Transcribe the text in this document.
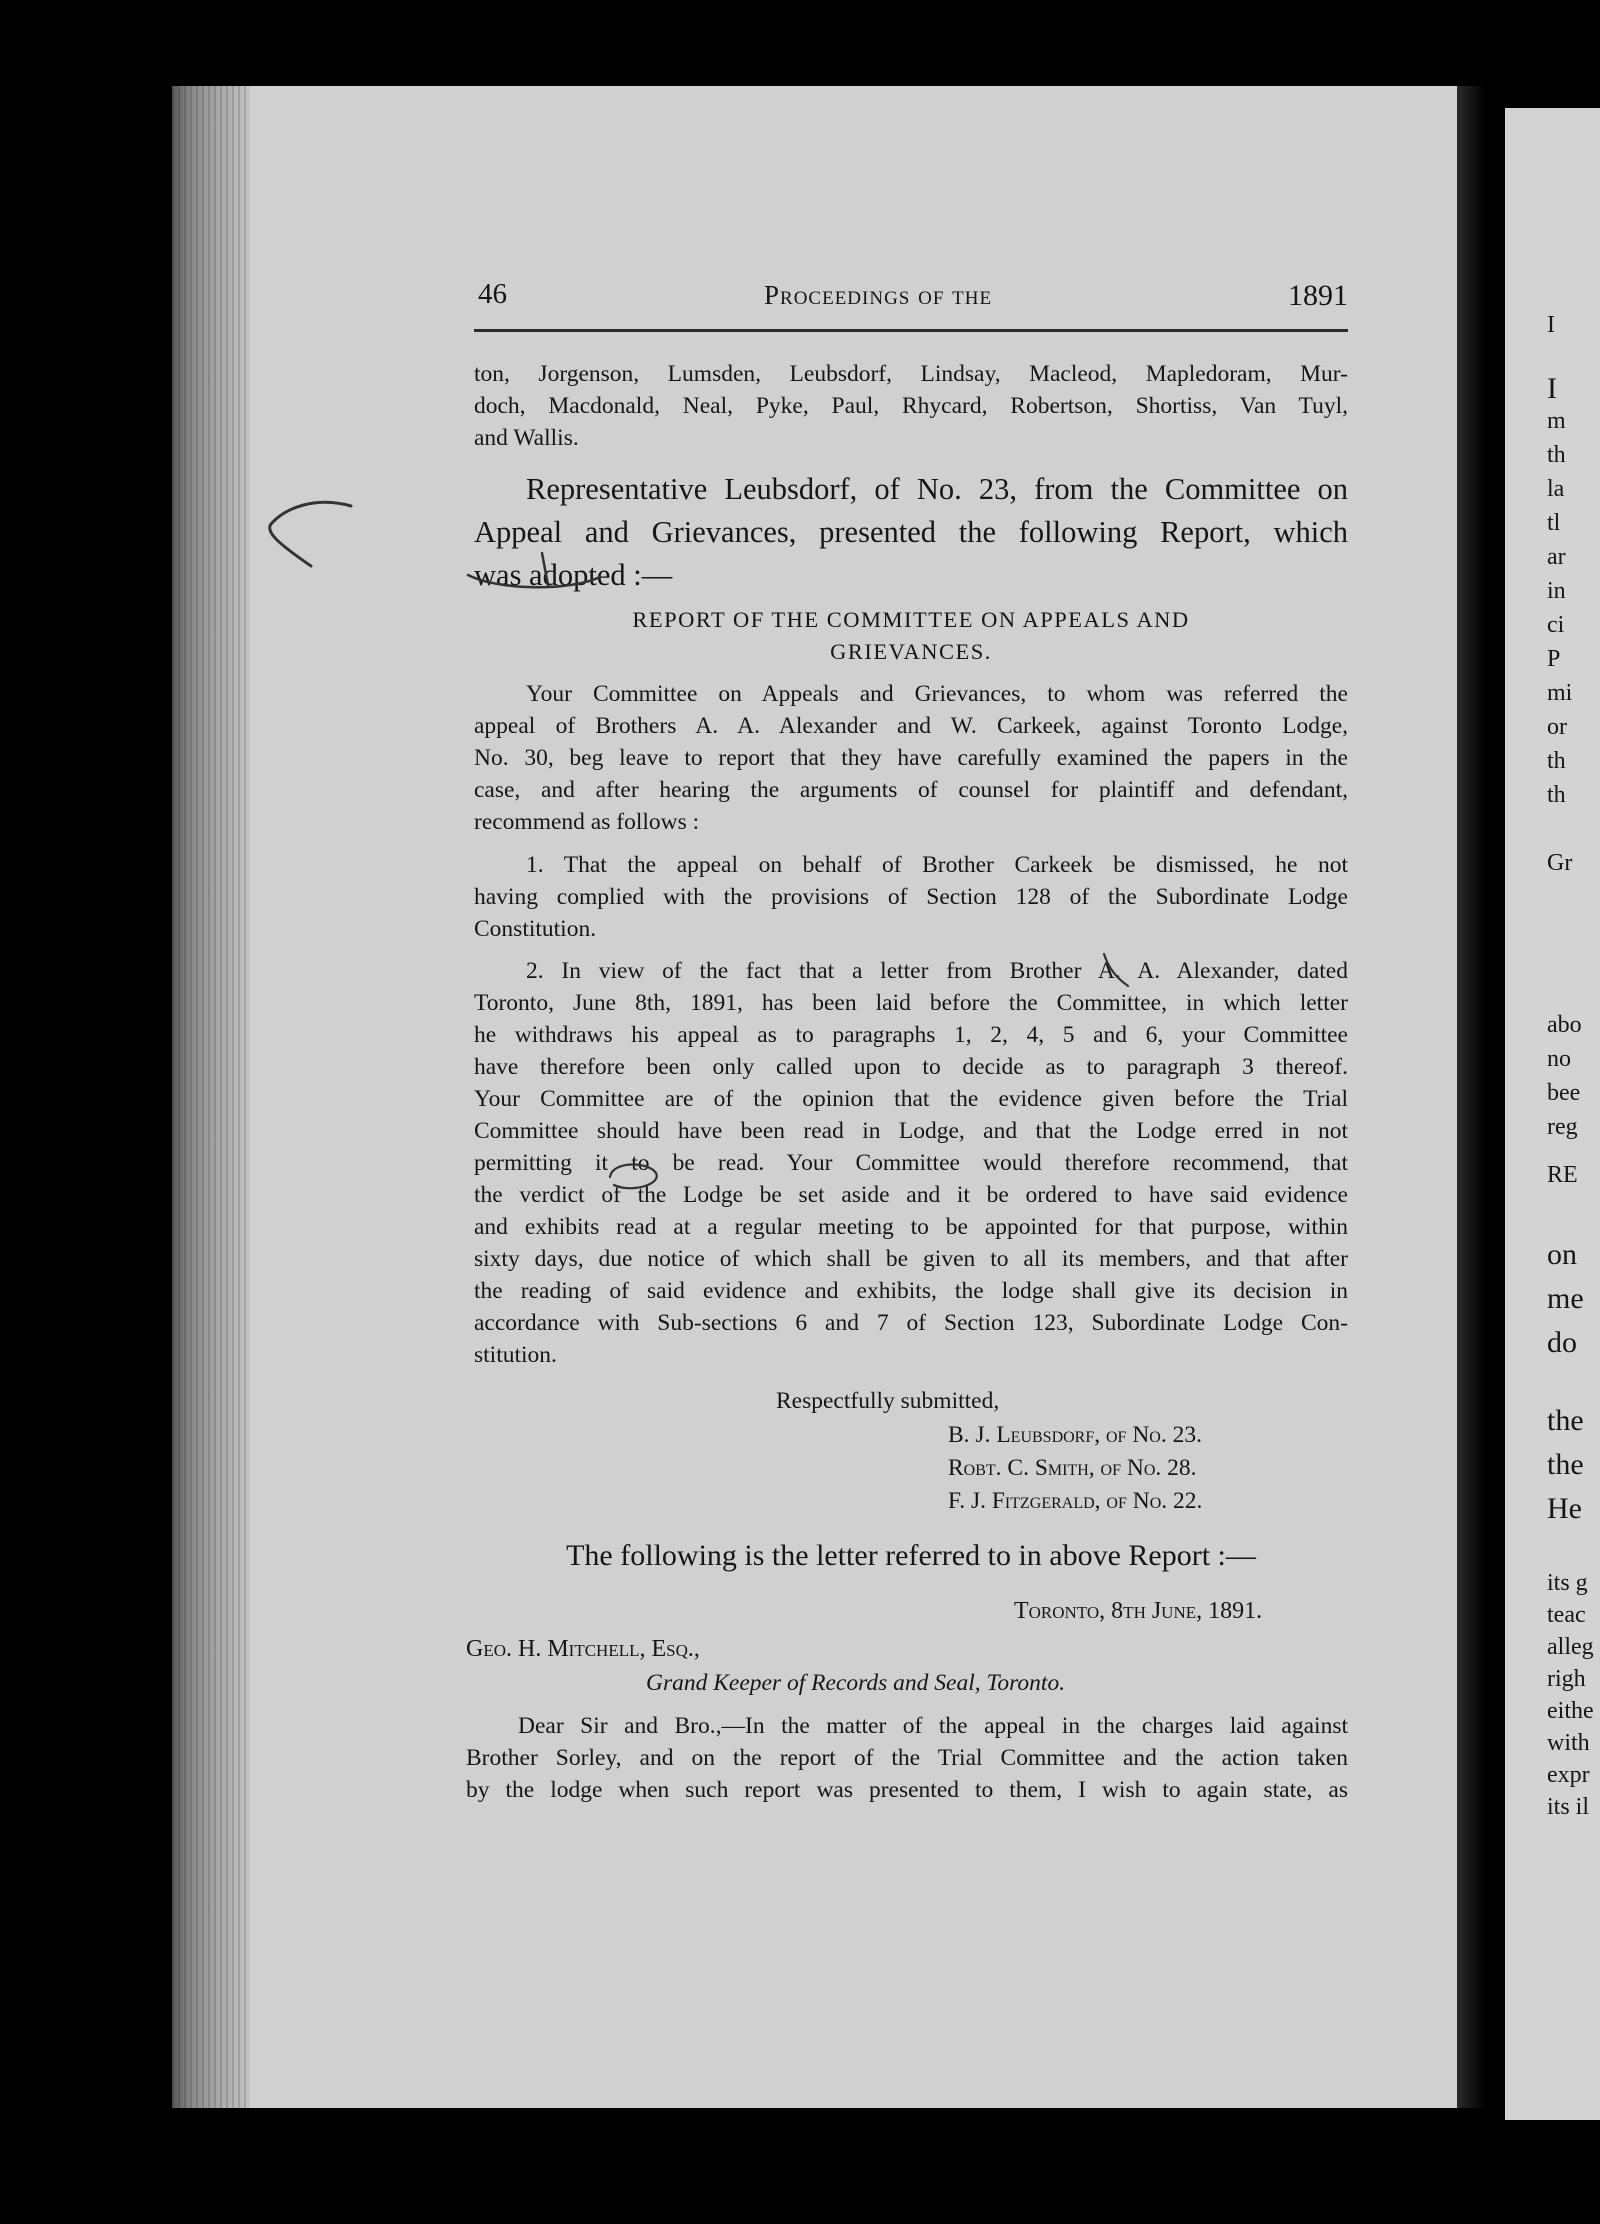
46	Proceedings of the	1891

ton, Jorgenson, Lumsden, Leubsdorf, Lindsay, Macleod, Mapledoram, Mur-

doch, Macdonald, Neal, Pyke, Paul, Rhycard, Robertson, Shortiss, Van Tuyl,

and Wallis.

Representative Leubsdorf, of No. 23, from the Committee on

Appeal and Grievances, presented the following Report, which

was adopted :—

REPORT OF THE COMMITTEE ON APPEALS AND
GRIEVANCES.

Your Committee on Appeals and Grievances, to whom was referred the

appeal of Brothers A. A. Alexander and W. Carkeek, against Toronto Lodge,

No. 30, beg leave to report that they have carefully examined the papers in the

case, and after hearing the arguments of counsel for plaintiff and defendant,

recommend as follows :

1. That the appeal on behalf of Brother Carkeek be dismissed, he not

having complied with the provisions of Section 128 of the Subordinate Lodge

Constitution.

2. In view of the fact that a letter from Brother A. A. Alexander, dated

Toronto, June 8th, 1891, has been laid before the Committee, in which letter

he withdraws his appeal as to paragraphs 1, 2, 4, 5 and 6, your Committee

have therefore been only called upon to decide as to paragraph 3 thereof.

Your Committee are of the opinion that the evidence given before the Trial

Committee should have been read in Lodge, and that the Lodge erred in not

permitting it to be read. Your Committee would therefore recommend, that

the verdict of the Lodge be set aside and it be ordered to have said evidence

and exhibits read at a regular meeting to be appointed for that purpose, within

sixty days, due notice of which shall be given to all its members, and that after

the reading of said evidence and exhibits, the lodge shall give its decision in

accordance with Sub-sections 6 and 7 of Section 123, Subordinate Lodge Con-

stitution.

Respectfully submitted,
B. J. Leubsdorf, of No. 23.
Robt. C. Smith, of No. 28.
F. J. Fitzgerald, of No. 22.
The following is the letter referred to in above Report :—
Toronto, 8th June, 1891.
Geo. H. Mitchell, Esq.,
Grand Keeper of Records and Seal, Toronto.

Dear Sir and Bro.,—In the matter of the appeal in the charges laid against

Brother Sorley, and on the report of the Trial Committee and the action taken

by the lodge when such report was presented to them, I wish to again state, as

I
I
m
th
la
tl
ar
in
ci
P
mi
or
th
th
Gr
abo
no
bee
reg
RE
on
me
do
the
the
He
its g
teac
alleg
righ
eithe
with
expr
its il
